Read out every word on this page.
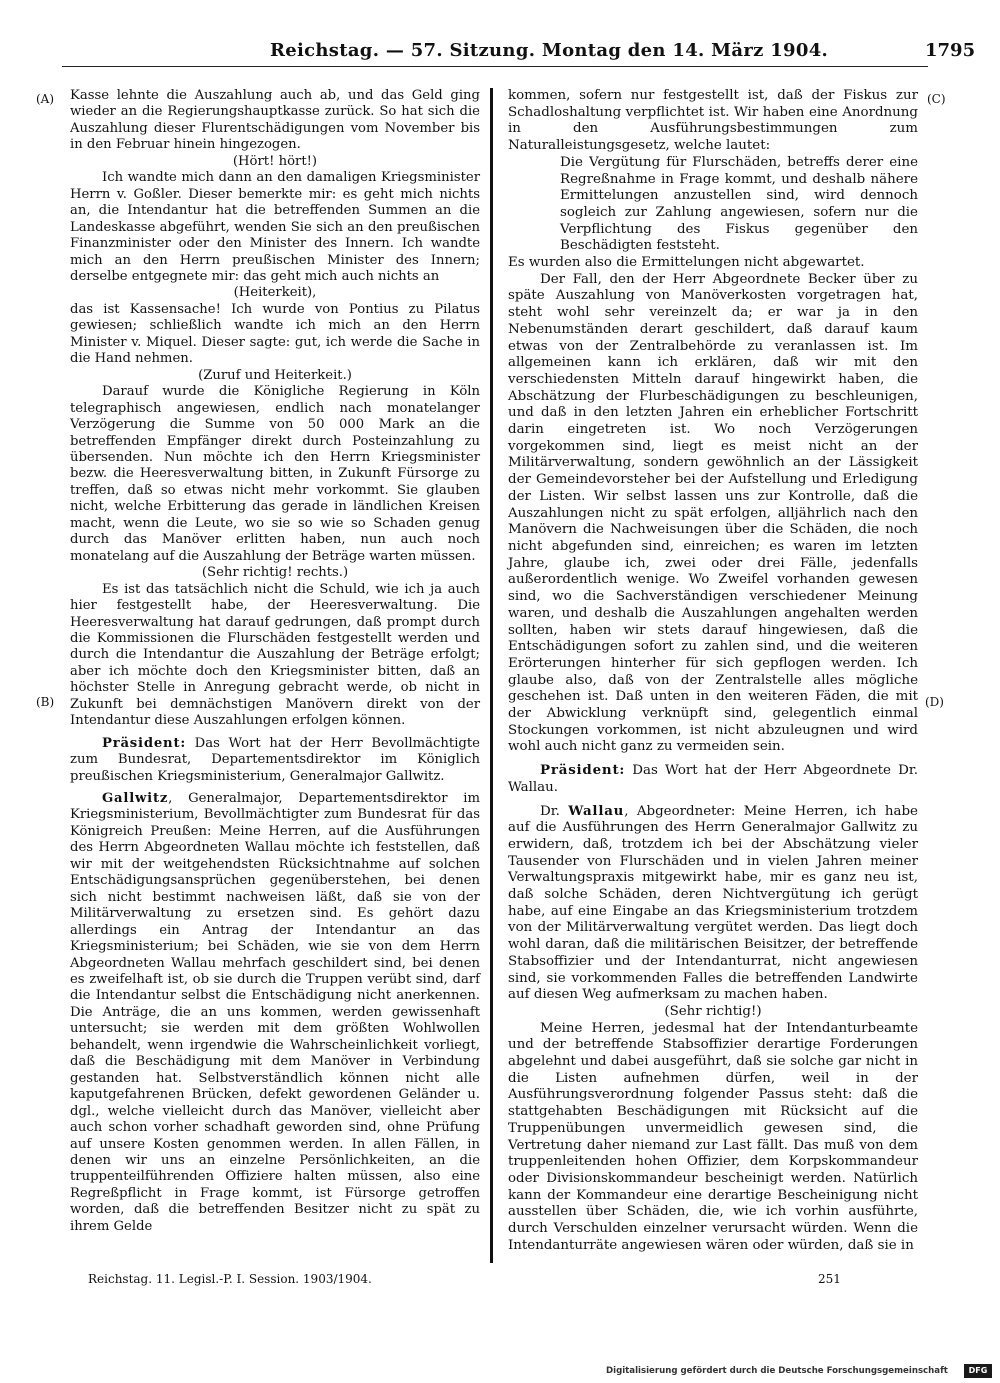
Reichstag. — 57. Sitzung. Montag den 14. März 1904.	1795
(A)
(B)
(C)
(D)

Kasse lehnte die Auszahlung auch ab, und das Geld ging wieder an die Regierungshauptkasse zurück. So hat sich die Auszahlung dieser Flurentschädigungen vom November bis in den Februar hinein hingezogen.

(Hört! hört!)

Ich wandte mich dann an den damaligen Kriegsminister Herrn v. Goßler. Dieser bemerkte mir: es geht mich nichts an, die Intendantur hat die betreffenden Summen an die Landeskasse abgeführt, wenden Sie sich an den preußischen Finanzminister oder den Minister des Innern. Ich wandte mich an den Herrn preußischen Minister des Innern; derselbe entgegnete mir: das geht mich auch nichts an

(Heiterkeit),

das ist Kassensache! Ich wurde von Pontius zu Pilatus gewiesen; schließlich wandte ich mich an den Herrn Minister v. Miquel. Dieser sagte: gut, ich werde die Sache in die Hand nehmen.

(Zuruf und Heiterkeit.)

Darauf wurde die Königliche Regierung in Köln telegraphisch angewiesen, endlich nach monatelanger Verzögerung die Summe von 50 000 Mark an die betreffenden Empfänger direkt durch Posteinzahlung zu übersenden. Nun möchte ich den Herrn Kriegsminister bezw. die Heeresverwaltung bitten, in Zukunft Fürsorge zu treffen, daß so etwas nicht mehr vorkommt. Sie glauben nicht, welche Erbitterung das gerade in ländlichen Kreisen macht, wenn die Leute, wo sie so wie so Schaden genug durch das Manöver erlitten haben, nun auch noch monatelang auf die Auszahlung der Beträge warten müssen.

(Sehr richtig! rechts.)

Es ist das tatsächlich nicht die Schuld, wie ich ja auch hier festgestellt habe, der Heeresverwaltung. Die Heeresverwaltung hat darauf gedrungen, daß prompt durch die Kommissionen die Flurschäden festgestellt werden und durch die Intendantur die Auszahlung der Beträge erfolgt; aber ich möchte doch den Kriegsminister bitten, daß an höchster Stelle in Anregung gebracht werde, ob nicht in Zukunft bei demnächstigen Manövern direkt von der Intendantur diese Auszahlungen erfolgen können.

Präsident: Das Wort hat der Herr Bevollmächtigte zum Bundesrat, Departementsdirektor im Königlich preußischen Kriegsministerium, Generalmajor Gallwitz.

Gallwitz, Generalmajor, Departementsdirektor im Kriegsministerium, Bevollmächtigter zum Bundesrat für das Königreich Preußen: Meine Herren, auf die Ausführungen des Herrn Abgeordneten Wallau möchte ich feststellen, daß wir mit der weitgehendsten Rücksichtnahme auf solchen Entschädigungsansprüchen gegenüberstehen, bei denen sich nicht bestimmt nachweisen läßt, daß sie von der Militärverwaltung zu ersetzen sind. Es gehört dazu allerdings ein Antrag der Intendantur an das Kriegsministerium; bei Schäden, wie sie von dem Herrn Abgeordneten Wallau mehrfach geschildert sind, bei denen es zweifelhaft ist, ob sie durch die Truppen verübt sind, darf die Intendantur selbst die Entschädigung nicht anerkennen. Die Anträge, die an uns kommen, werden gewissenhaft untersucht; sie werden mit dem größten Wohlwollen behandelt, wenn irgendwie die Wahrscheinlichkeit vorliegt, daß die Beschädigung mit dem Manöver in Verbindung gestanden hat. Selbstverständlich können nicht alle kaputgefahrenen Brücken, defekt gewordenen Geländer u. dgl., welche vielleicht durch das Manöver, vielleicht aber auch schon vorher schadhaft geworden sind, ohne Prüfung auf unsere Kosten genommen werden. In allen Fällen, in denen wir uns an einzelne Persönlichkeiten, an die truppenteilführenden Offiziere halten müssen, also eine Regreßpflicht in Frage kommt, ist Fürsorge getroffen worden, daß die betreffenden Besitzer nicht zu spät zu ihrem Gelde

kommen, sofern nur festgestellt ist, daß der Fiskus zur Schadloshaltung verpflichtet ist. Wir haben eine Anordnung in den Ausführungsbestimmungen zum Naturalleistungsgesetz, welche lautet:

Die Vergütung für Flurschäden, betreffs derer eine Regreßnahme in Frage kommt, und deshalb nähere Ermittelungen anzustellen sind, wird dennoch sogleich zur Zahlung angewiesen, sofern nur die Verpflichtung des Fiskus gegenüber den Beschädigten feststeht.

Es wurden also die Ermittelungen nicht abgewartet.

Der Fall, den der Herr Abgeordnete Becker über zu späte Auszahlung von Manöverkosten vorgetragen hat, steht wohl sehr vereinzelt da; er war ja in den Nebenumständen derart geschildert, daß darauf kaum etwas von der Zentralbehörde zu veranlassen ist. Im allgemeinen kann ich erklären, daß wir mit den verschiedensten Mitteln darauf hingewirkt haben, die Abschätzung der Flurbeschädigungen zu beschleunigen, und daß in den letzten Jahren ein erheblicher Fortschritt darin eingetreten ist. Wo noch Verzögerungen vorgekommen sind, liegt es meist nicht an der Militärverwaltung, sondern gewöhnlich an der Lässigkeit der Gemeindevorsteher bei der Aufstellung und Erledigung der Listen. Wir selbst lassen uns zur Kontrolle, daß die Auszahlungen nicht zu spät erfolgen, alljährlich nach den Manövern die Nachweisungen über die Schäden, die noch nicht abgefunden sind, einreichen; es waren im letzten Jahre, glaube ich, zwei oder drei Fälle, jedenfalls außerordentlich wenige. Wo Zweifel vorhanden gewesen sind, wo die Sachverständigen verschiedener Meinung waren, und deshalb die Auszahlungen angehalten werden sollten, haben wir stets darauf hingewiesen, daß die Entschädigungen sofort zu zahlen sind, und die weiteren Erörterungen hinterher für sich gepflogen werden. Ich glaube also, daß von der Zentralstelle alles mögliche geschehen ist. Daß unten in den weiteren Fäden, die mit der Abwicklung verknüpft sind, gelegentlich einmal Stockungen vorkommen, ist nicht abzuleugnen und wird wohl auch nicht ganz zu vermeiden sein.

Präsident: Das Wort hat der Herr Abgeordnete Dr. Wallau.

Dr. Wallau, Abgeordneter: Meine Herren, ich habe auf die Ausführungen des Herrn Generalmajor Gallwitz zu erwidern, daß, trotzdem ich bei der Abschätzung vieler Tausender von Flurschäden und in vielen Jahren meiner Verwaltungspraxis mitgewirkt habe, mir es ganz neu ist, daß solche Schäden, deren Nichtvergütung ich gerügt habe, auf eine Eingabe an das Kriegsministerium trotzdem von der Militärverwaltung vergütet werden. Das liegt doch wohl daran, daß die militärischen Beisitzer, der betreffende Stabsoffizier und der Intendanturrat, nicht angewiesen sind, sie vorkommenden Falles die betreffenden Landwirte auf diesen Weg aufmerksam zu machen haben.

(Sehr richtig!)

Meine Herren, jedesmal hat der Intendanturbeamte und der betreffende Stabsoffizier derartige Forderungen abgelehnt und dabei ausgeführt, daß sie solche gar nicht in die Listen aufnehmen dürfen, weil in der Ausführungsverordnung folgender Passus steht: daß die stattgehabten Beschädigungen mit Rücksicht auf die Truppenübungen unvermeidlich gewesen sind, die Vertretung daher niemand zur Last fällt. Das muß von dem truppenleitenden hohen Offizier, dem Korpskommandeur oder Divisionskommandeur bescheinigt werden. Natürlich kann der Kommandeur eine derartige Bescheinigung nicht ausstellen über Schäden, die, wie ich vorhin ausführte, durch Verschulden einzelner verursacht würden. Wenn die Intendanturräte angewiesen wären oder würden, daß sie in

Reichstag. 11. Legisl.-P. I. Session. 1903/1904.	251
Digitalisierung gefördert durch die Deutsche Forschungsgemeinschaft	DFG
